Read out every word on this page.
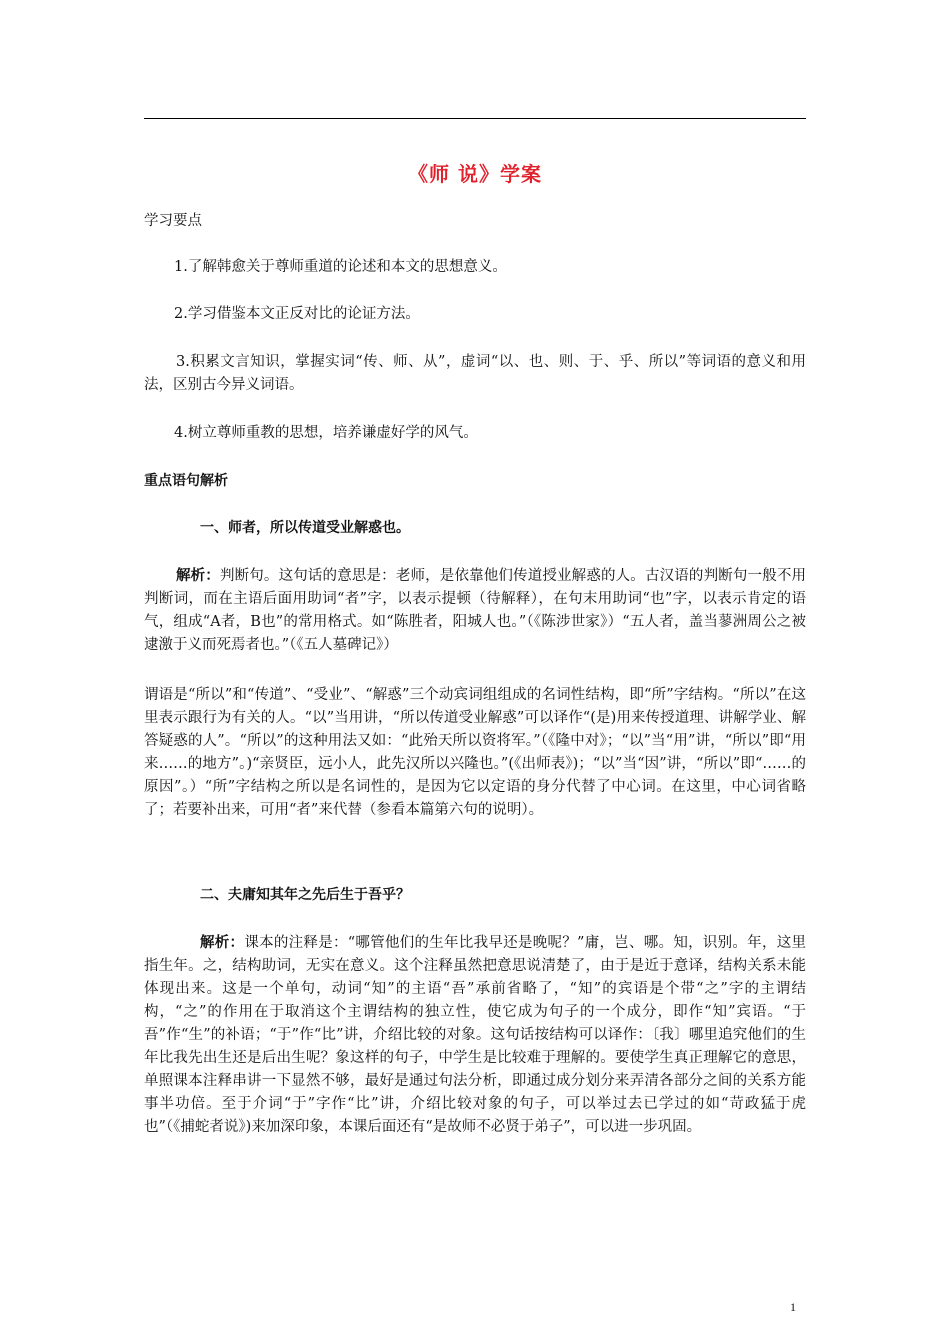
《师 说》学案

学习要点

1.了解韩愈关于尊师重道的论述和本文的思想意义。

2.学习借鉴本文正反对比的论证方法。

3.积累文言知识，掌握实词“传、师、从”，虚词“以、也、则、于、乎、所以”等词语的意义和用法，区别古今异义词语。

4.树立尊师重教的思想，培养谦虚好学的风气。

重点语句解析

一、师者，所以传道受业解惑也。

解析：判断句。这句话的意思是：老师，是依靠他们传道授业解惑的人。古汉语的判断句一般不用判断词，而在主语后面用助词“者”字，以表示提顿（待解释），在句末用助词“也”字，以表示肯定的语气，组成“A者，B也”的常用格式。如“陈胜者，阳城人也。”（《陈涉世家》）“五人者，盖当蓼洲周公之被逮激于义而死焉者也。”（《五人墓碑记》）

谓语是“所以”和“传道”、“受业”、“解惑”三个动宾词组组成的名词性结构，即“所”字结构。“所以”在这里表示跟行为有关的人。“以”当用讲，“所以传道受业解惑”可以译作“(是)用来传授道理、讲解学业、解答疑惑的人”。“所以”的这种用法又如：“此殆天所以资将军。”（《隆中对》；“以”当“用”讲，“所以”即“用来……的地方”。)“亲贤臣，远小人，此先汉所以兴隆也。”(《出师表》)；“以”当“因”讲，“所以”即“……的原因”。）“所”字结构之所以是名词性的，是因为它以定语的身分代替了中心词。在这里，中心词省略了；若要补出来，可用“者”来代替（参看本篇第六句的说明）。

二、夫庸知其年之先后生于吾乎？

解析：课本的注释是：“哪管他们的生年比我早还是晚呢？”庸，岂、哪。知，识别。年，这里指生年。之，结构助词，无实在意义。这个注释虽然把意思说清楚了，由于是近于意译，结构关系未能体现出来。这是一个单句，动词“知”的主语“吾”承前省略了，“知”的宾语是个带“之”字的主谓结构，“之”的作用在于取消这个主谓结构的独立性，使它成为句子的一个成分，即作“知”宾语。“于吾”作“生”的补语；“于”作“比”讲，介绍比较的对象。这句话按结构可以译作：〔我〕哪里追究他们的生年比我先出生还是后出生呢？象这样的句子，中学生是比较难于理解的。要使学生真正理解它的意思，单照课本注释串讲一下显然不够，最好是通过句法分析，即通过成分划分来弄清各部分之间的关系方能事半功倍。至于介词“于”字作“比”讲，介绍比较对象的句子，可以举过去已学过的如“苛政猛于虎也”（《捕蛇者说》)来加深印象，本课后面还有“是故师不必贤于弟子”，可以进一步巩固。

1
